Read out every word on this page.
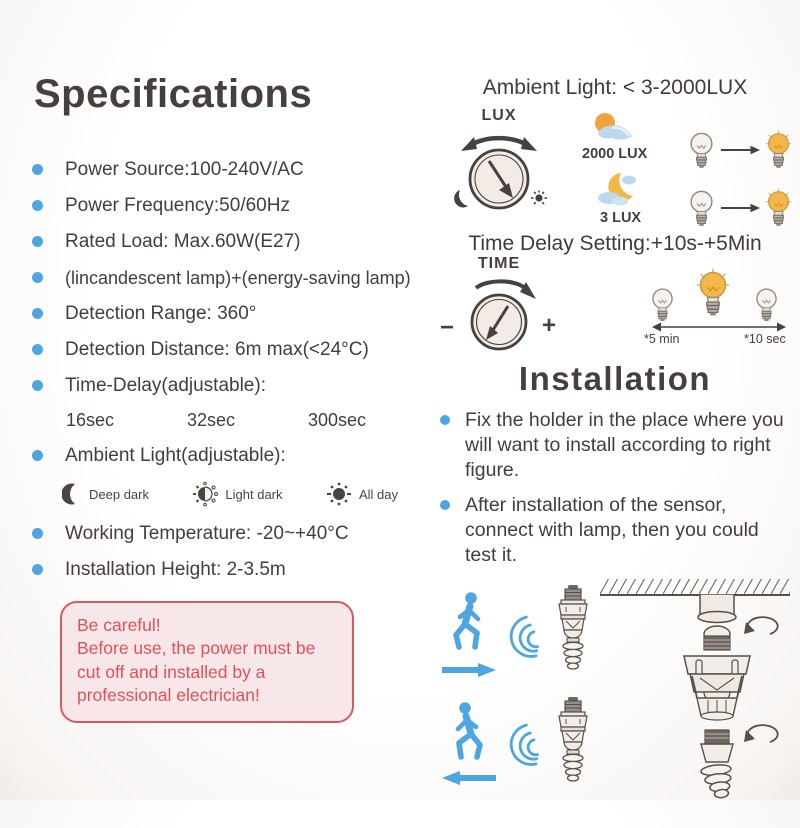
Specifications
Power Source:100-240V/AC
Power Frequency:50/60Hz
Rated Load: Max.60W(E27)
(lincandescent lamp)+(energy-saving lamp)
Detection Range: 360°
Detection Distance: 6m max(<24°C)
Time-Delay(adjustable):
16sec	32sec	300sec
Ambient Light(adjustable):
Deep dark	Light dark	All day
Working Temperature: -20~+40°C
Installation Height: 2-3.5m
Be careful!
Before use, the power must be
cut off and installed by a
professional electrician!
Ambient Light: < 3-2000LUX
LUX
2000 LUX
3 LUX
Time Delay Setting:+10s-+5Min
TIME
−	+	*5 min	*10 sec
Installation
Fix the holder in the place where you will want to install according to right figure.
After installation of the sensor, connect with lamp, then you could test it.
